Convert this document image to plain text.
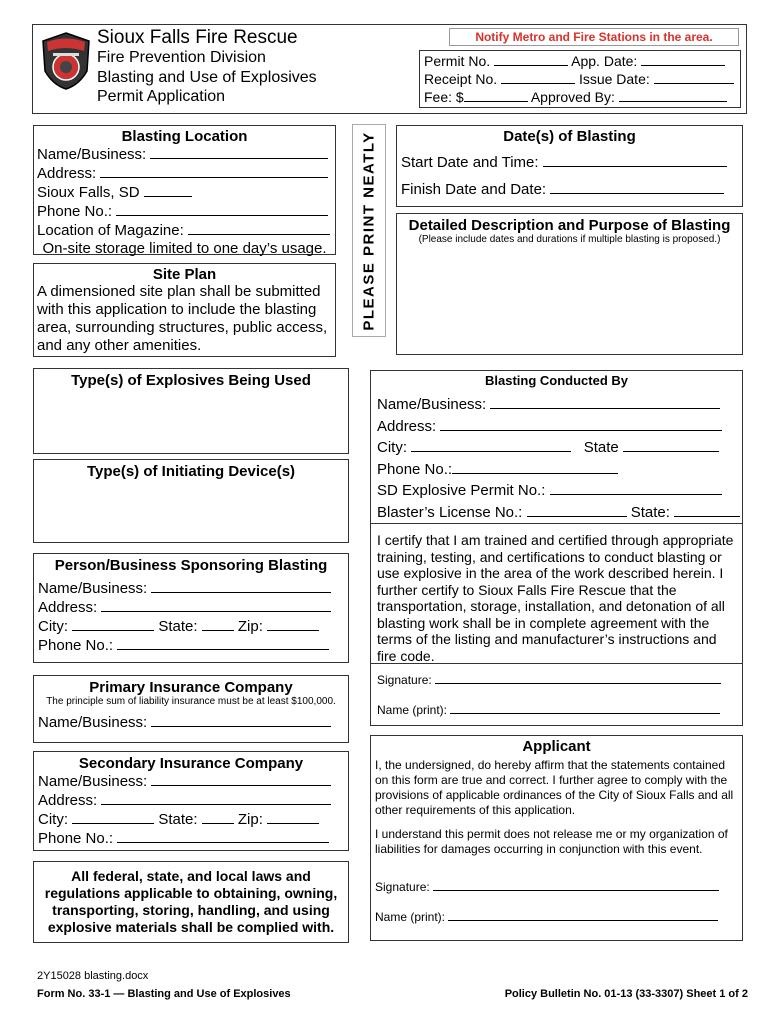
Sioux Falls Fire Rescue
Fire Prevention Division
Blasting and Use of Explosives
Permit Application
Notify Metro and Fire Stations in the area.
Permit No.	App. Date:
Receipt No.	Issue Date:
Fee: $	Approved By:
PLEASE PRINT NEATLY
Blasting Location
Name/Business:
Address:
Sioux Falls, SD
Phone No.:
Location of Magazine:
On-site storage limited to one day’s usage.
Site Plan
A dimensioned site plan shall be submitted with this application to include the blasting area, surrounding structures, public access, and any other amenities.
Date(s) of Blasting
Start Date and Time:
Finish Date and Date:
Detailed Description and Purpose of Blasting
(Please include dates and durations if multiple blasting is proposed.)
Type(s) of Explosives Being Used
Type(s) of Initiating Device(s)
Person/Business Sponsoring Blasting
Name/Business:
Address:
City:	State:	Zip:
Phone No.:
Primary Insurance Company
The principle sum of liability insurance must be at least $100,000.
Name/Business:
Secondary Insurance Company
Name/Business:
Address:
City:	State:	Zip:
Phone No.:
All federal, state, and local laws and regulations applicable to obtaining, owning, transporting, storing, handling, and using explosive materials shall be complied with.
Blasting Conducted By
Name/Business:
Address:
City:	State
Phone No.:
SD Explosive Permit No.:
Blaster’s License No.:	State:
I certify that I am trained and certified through appropriate training, testing, and certifications to conduct blasting or use explosive in the area of the work described herein. I further certify to Sioux Falls Fire Rescue that the transportation, storage, installation, and detonation of all blasting work shall be in complete agreement with the terms of the listing and manufacturer’s instructions and fire code.
Signature:
Name (print):
Applicant
I, the undersigned, do hereby affirm that the statements contained on this form are true and correct. I further agree to comply with the provisions of applicable ordinances of the City of Sioux Falls and all other requirements of this application.
I understand this permit does not release me or my organization of liabilities for damages occurring in conjunction with this event.
Signature:
Name (print):
2Y15028 blasting.docx
Form No. 33-1 — Blasting and Use of Explosives	Policy Bulletin No. 01-13 (33-3307) Sheet 1 of 2
